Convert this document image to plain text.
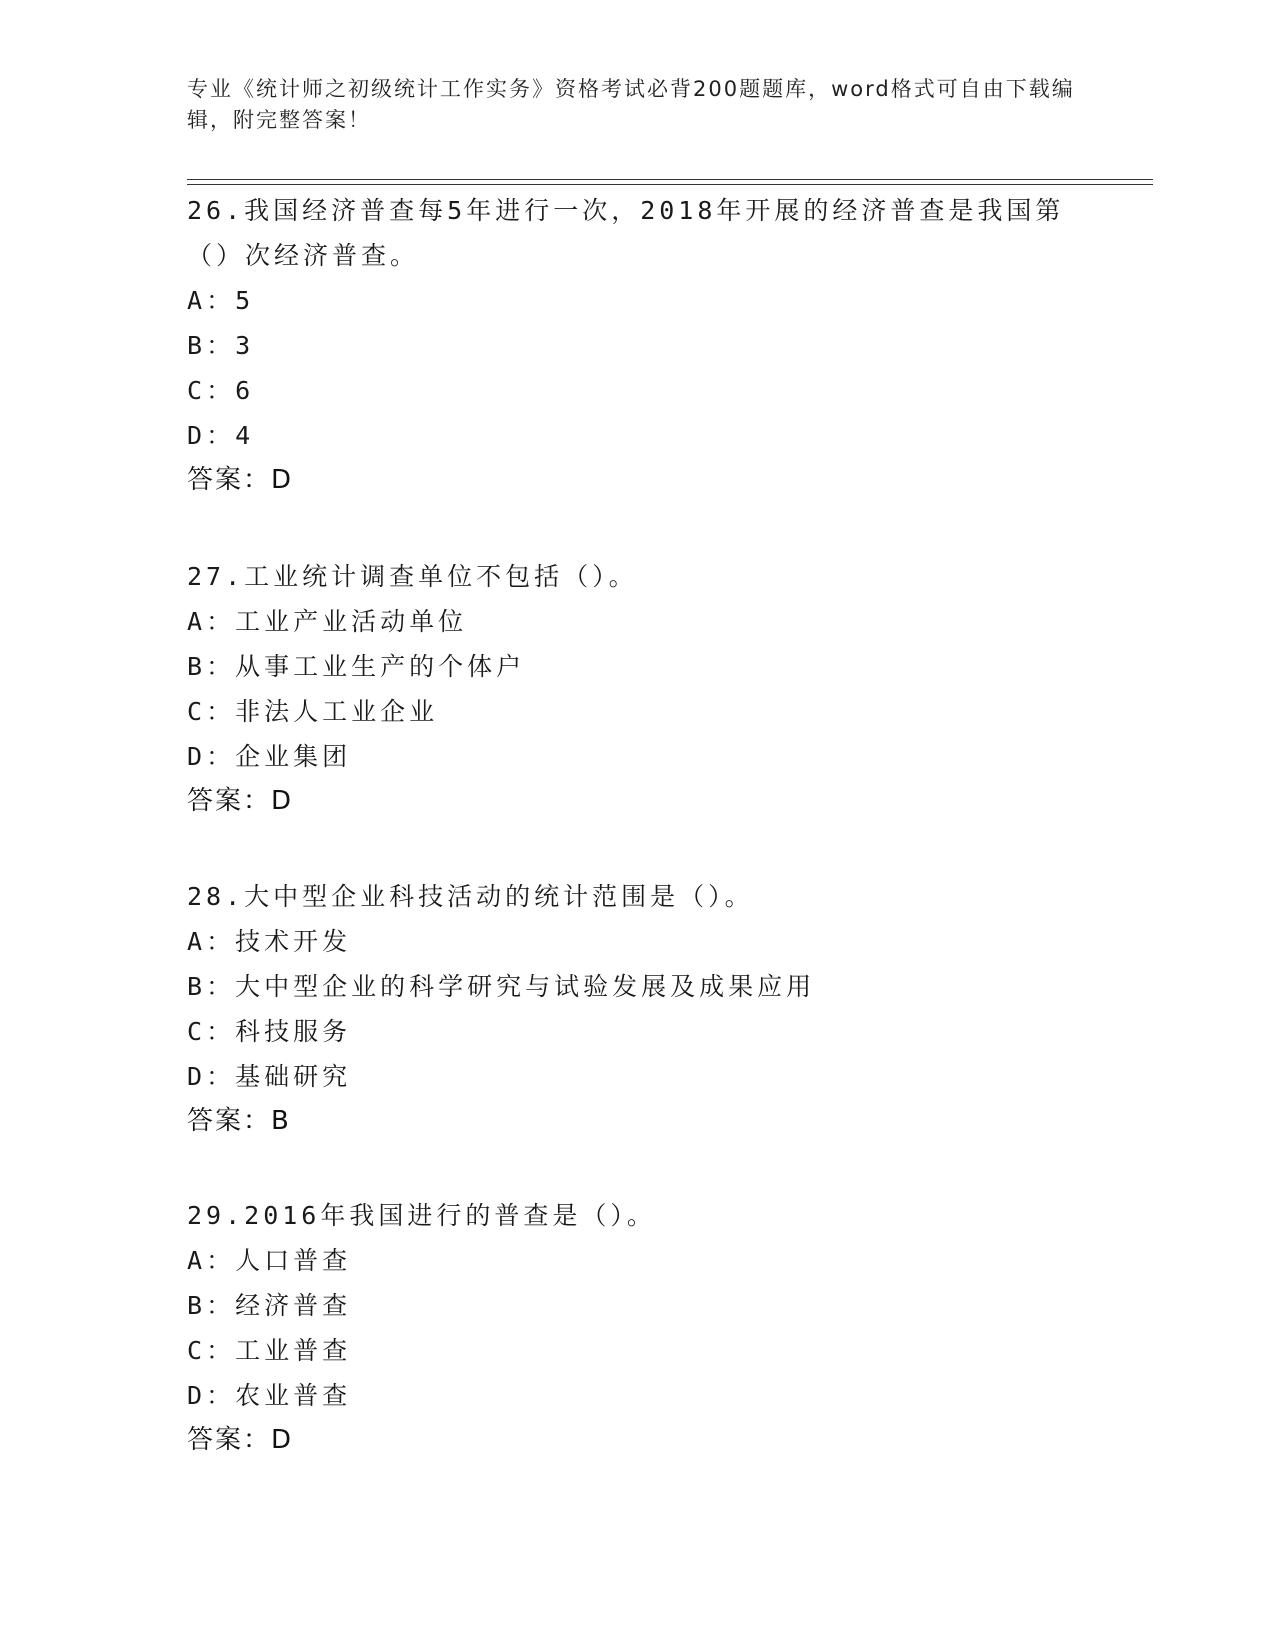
专业《统计师之初级统计工作实务》资格考试必背200题题库，word格式可自由下载编辑，附完整答案！

26.我国经济普查每5年进行一次，2018年开展的经济普查是我国第（）次经济普查。

A：5

B：3

C：6

D：4

答案：D

27.工业统计调查单位不包括（）。

A：工业产业活动单位

B：从事工业生产的个体户

C：非法人工业企业

D：企业集团

答案：D

28.大中型企业科技活动的统计范围是（）。

A：技术开发

B：大中型企业的科学研究与试验发展及成果应用

C：科技服务

D：基础研究

答案：B

29.2016年我国进行的普查是（）。

A：人口普查

B：经济普查

C：工业普查

D：农业普查

答案：D
